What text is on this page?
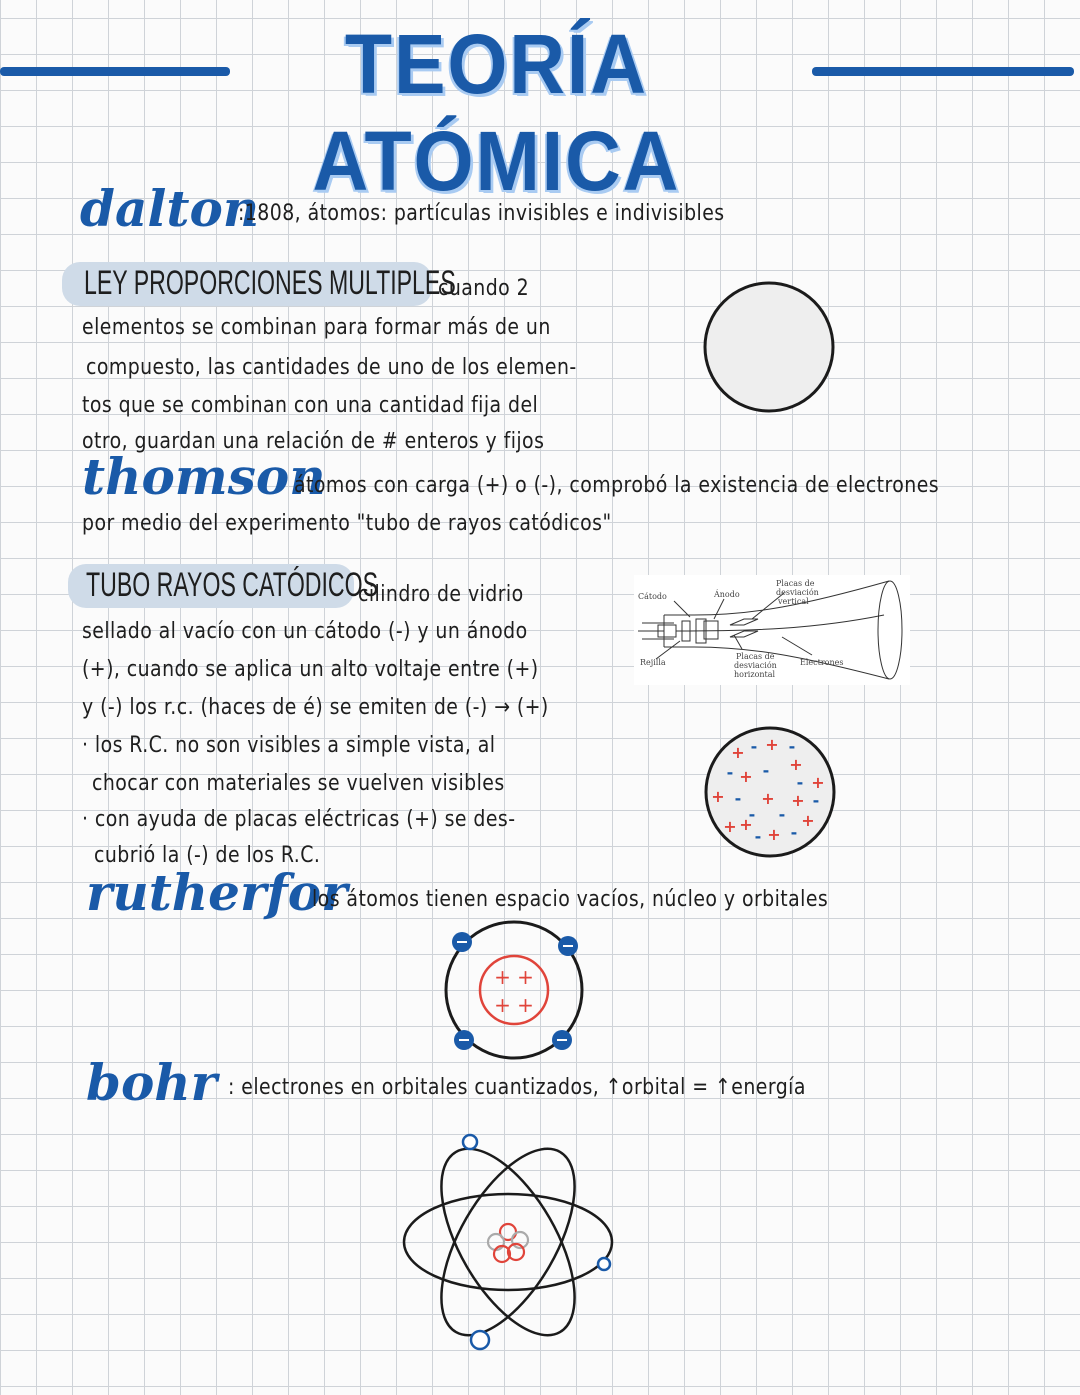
TEORÍA ATÓMICA
dalton
:1808, átomos: partículas invisibles e indivisibles
LEY PROPORCIONES MULTIPLES
cuando 2
elementos se combinan para formar más de un
compuesto, las cantidades de uno de los elemen-
tos que se combinan con una cantidad fija del
otro, guardan una relación de # enteros y fijos
thomson
átomos con carga (+) o (-), comprobó la existencia de electrones
por medio del experimento "tubo de rayos catódicos"
TUBO RAYOS CATÓDICOS
cilindro de vidrio
sellado al vacío con un cátodo (-) y un ánodo
(+), cuando se aplica un alto voltaje entre (+)
y (-) los r.c. (haces de é) se emiten de (-) → (+)
· los R.C. no son visibles a simple vista, al
chocar con materiales se vuelven visibles
· con ayuda de placas eléctricas (+) se des-
cubrió la (-) de los R.C.
Cátodo	Ánodo
Placas de
desviación
vertical
Rejilla
Placas de
desviación
horizontal
Electrones
+ - + -
+
- + -
- +
+ - + + -
- - +
+ +
- + -
rutherfor
los átomos tienen espacio vacíos, núcleo y orbitales
+ +
+ +
bohr : electrones en orbitales cuantizados, ↑orbital = ↑energía
